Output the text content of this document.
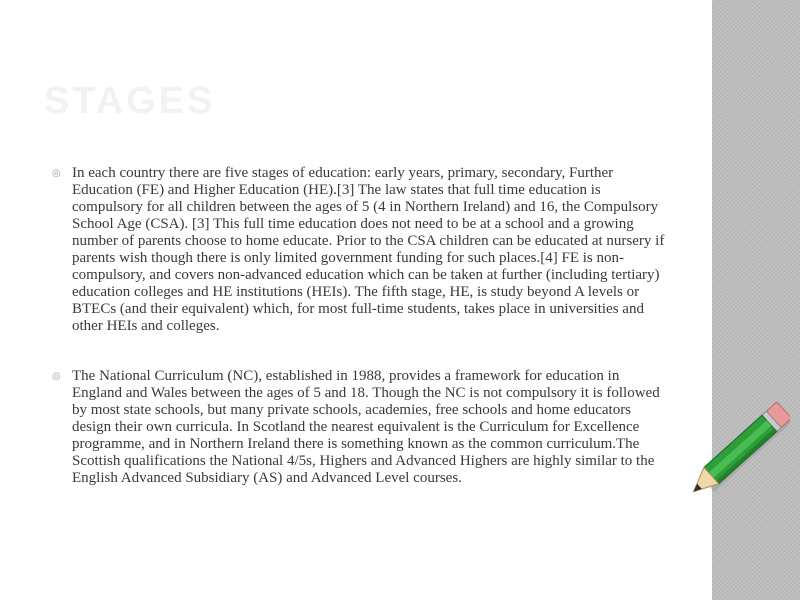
STAGES
◎ In each country there are five stages of education: early years, primary, secondary, Further Education (FE) and Higher Education (HE).[3] The law states that full time education is compulsory for all children between the ages of 5 (4 in Northern Ireland) and 16, the Compulsory School Age (CSA). [3] This full time education does not need to be at a school and a growing number of parents choose to home educate. Prior to the CSA children can be educated at nursery if parents wish though there is only limited government funding for such places.[4] FE is non-compulsory, and covers non-advanced education which can be taken at further (including tertiary) education colleges and HE institutions (HEIs). The fifth stage, HE, is study beyond A levels or BTECs (and their equivalent) which, for most full-time students, takes place in universities and other HEIs and colleges.
◎ The National Curriculum (NC), established in 1988, provides a framework for education in England and Wales between the ages of 5 and 18. Though the NC is not compulsory it is followed by most state schools, but many private schools, academies, free schools and home educators design their own curricula. In Scotland the nearest equivalent is the Curriculum for Excellence programme, and in Northern Ireland there is something known as the common curriculum.The Scottish qualifications the National 4/5s, Highers and Advanced Highers are highly similar to the English Advanced Subsidiary (AS) and Advanced Level courses.
